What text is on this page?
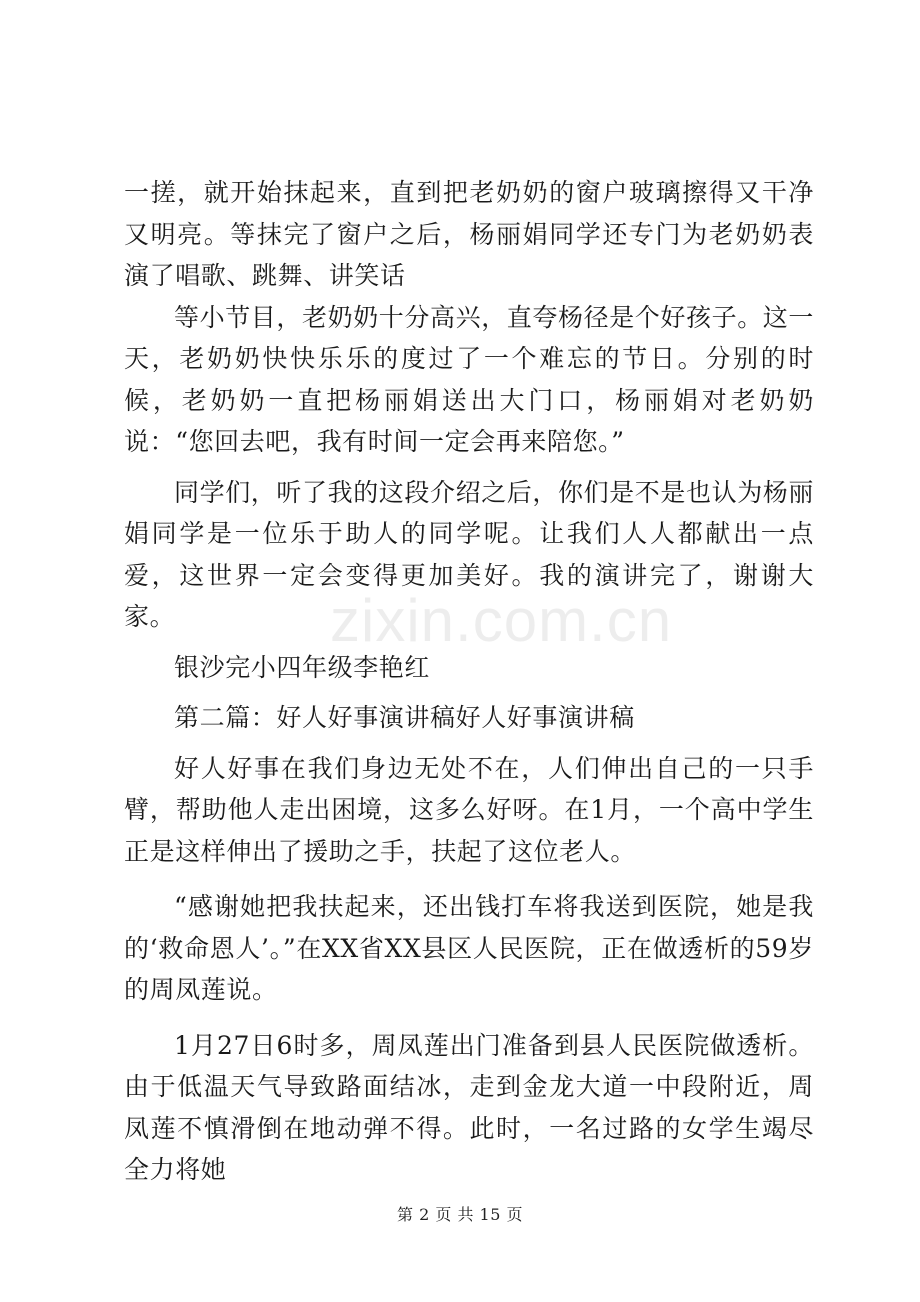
一搓，就开始抹起来，直到把老奶奶的窗户玻璃擦得又干净又明亮。等抹完了窗户之后，杨丽娟同学还专门为老奶奶表演了唱歌、跳舞、讲笑话

等小节目，老奶奶十分高兴，直夸杨径是个好孩子。这一天，老奶奶快快乐乐的度过了一个难忘的节日。分别的时候，老奶奶一直把杨丽娟送出大门口，杨丽娟对老奶奶说：“您回去吧，我有时间一定会再来陪您。”

同学们，听了我的这段介绍之后，你们是不是也认为杨丽娟同学是一位乐于助人的同学呢。让我们人人都献出一点爱，这世界一定会变得更加美好。我的演讲完了，谢谢大家。

银沙完小四年级李艳红

第二篇：好人好事演讲稿好人好事演讲稿

好人好事在我们身边无处不在，人们伸出自己的一只手臂，帮助他人走出困境，这多么好呀。在1月，一个高中学生正是这样伸出了援助之手，扶起了这位老人。

“感谢她把我扶起来，还出钱打车将我送到医院，她是我的‘救命恩人’。”在XX省XX县区人民医院，正在做透析的59岁的周凤莲说。

1月27日6时多，周凤莲出门准备到县人民医院做透析。由于低温天气导致路面结冰，走到金龙大道一中段附近，周凤莲不慎滑倒在地动弹不得。此时，一名过路的女学生竭尽全力将她

zixin.com.cn
第 2 页 共 15 页
